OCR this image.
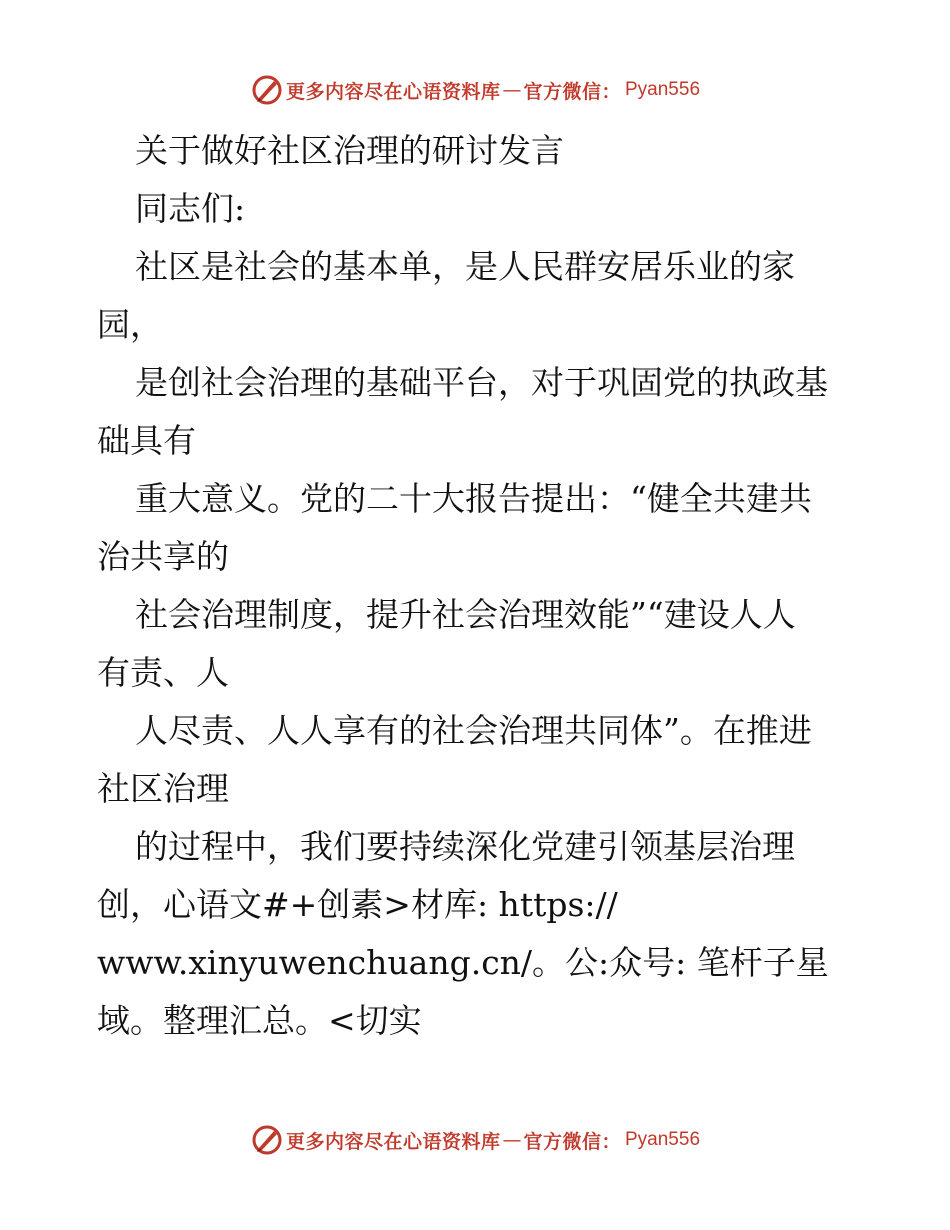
更多内容尽在心语资料库 — 官方微信： Pyan556
关于做好社区治理的研讨发言
同志们:
社区是社会的基本单，是人民群安居乐业的家
园，
是创社会治理的基础平台，对于巩固党的执政基
础具有
重大意义。党的二十大报告提出：“健全共建共
治共享的
社会治理制度，提升社会治理效能”“建设人人
有责、人
人尽责、人人享有的社会治理共同体”。在推进
社区治理
的过程中，我们要持续深化党建引领基层治理
创，心语文#+创素>材库: https://
www.xinyuwenchuang.cn/。公:众号: 笔杆子星
域。整理汇总。<切实
更多内容尽在心语资料库 — 官方微信： Pyan556
